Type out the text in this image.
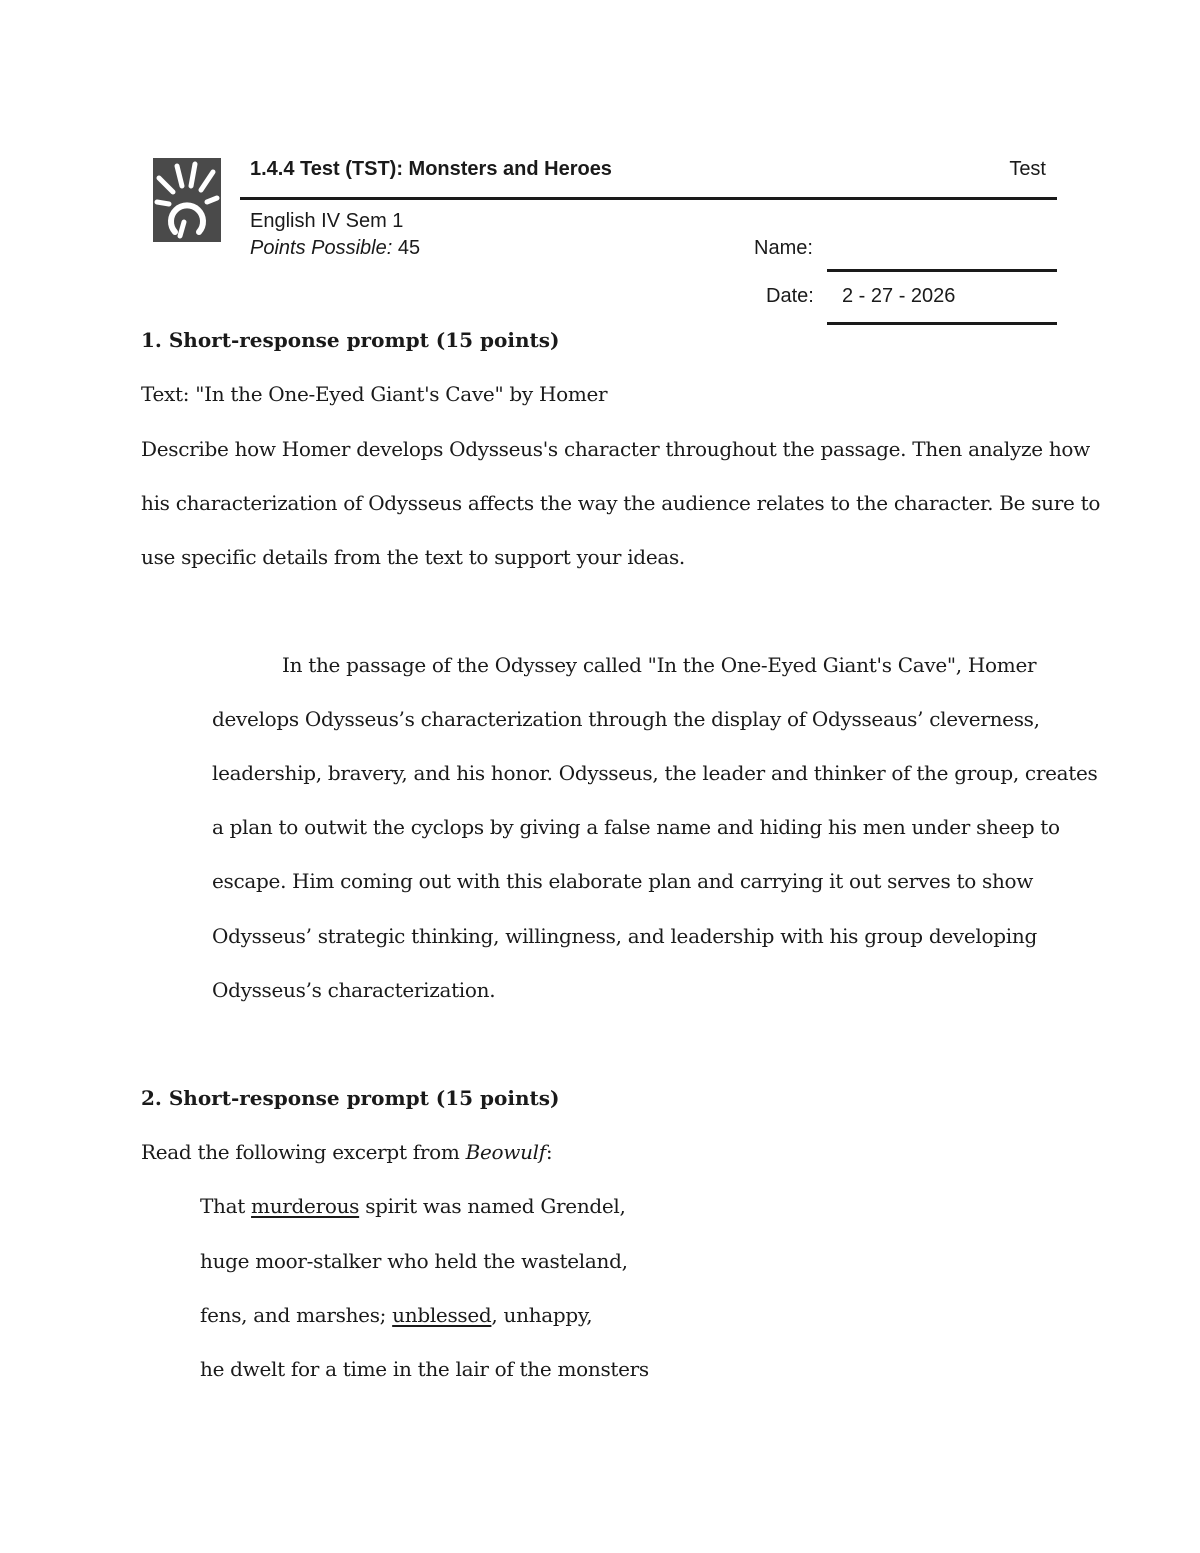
1.4.4 Test (TST): Monsters and Heroes	Test
English IV Sem 1
Points Possible: 45	Name:
Date: 2 - 27 - 2026
1. Short-response prompt (15 points)
Text: "In the One-Eyed Giant's Cave" by Homer
Describe how Homer develops Odysseus's character throughout the passage. Then analyze how
his characterization of Odysseus affects the way the audience relates to the character. Be sure to
use specific details from the text to support your ideas.
In the passage of the Odyssey called "In the One-Eyed Giant's Cave", Homer
develops Odysseus’s characterization through the display of Odysseaus’ cleverness,
leadership, bravery, and his honor. Odysseus, the leader and thinker of the group, creates
a plan to outwit the cyclops by giving a false name and hiding his men under sheep to
escape. Him coming out with this elaborate plan and carrying it out serves to show
Odysseus’ strategic thinking, willingness, and leadership with his group developing
Odysseus’s characterization.
2. Short-response prompt (15 points)
Read the following excerpt from Beowulf:
That murderous spirit was named Grendel,
huge moor-stalker who held the wasteland,
fens, and marshes; unblessed, unhappy,
he dwelt for a time in the lair of the monsters
